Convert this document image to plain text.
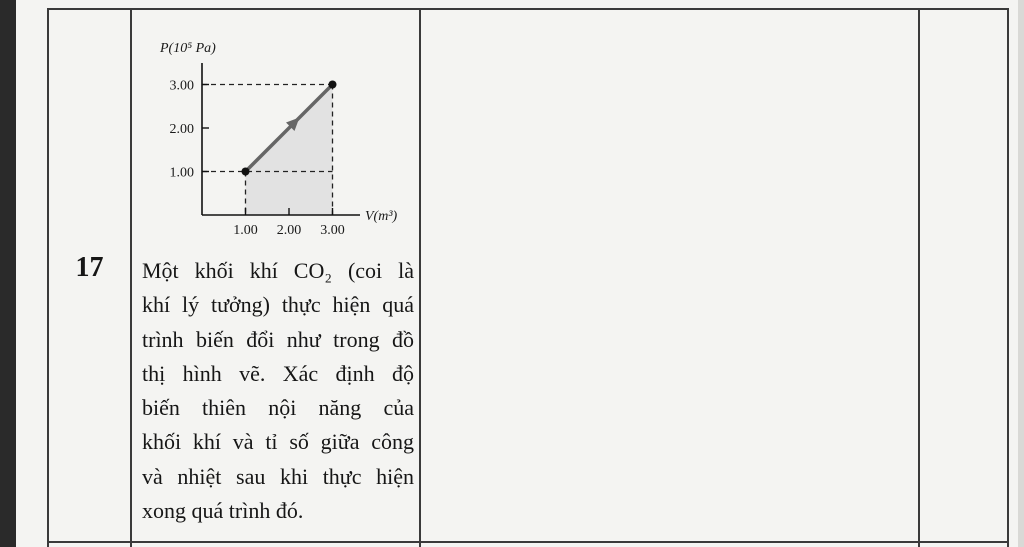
17
1.00
2.00
3.00
1.00 2.00 3.00
P(10⁵ Pa)
V(m³)

Một khối khí CO₂ (coi là

khí lý tưởng) thực hiện quá

trình biến đổi như trong đồ

thị hình vẽ. Xác định độ

biến thiên nội năng của

khối khí và tỉ số giữa công

và nhiệt sau khi thực hiện

xong quá trình đó.
